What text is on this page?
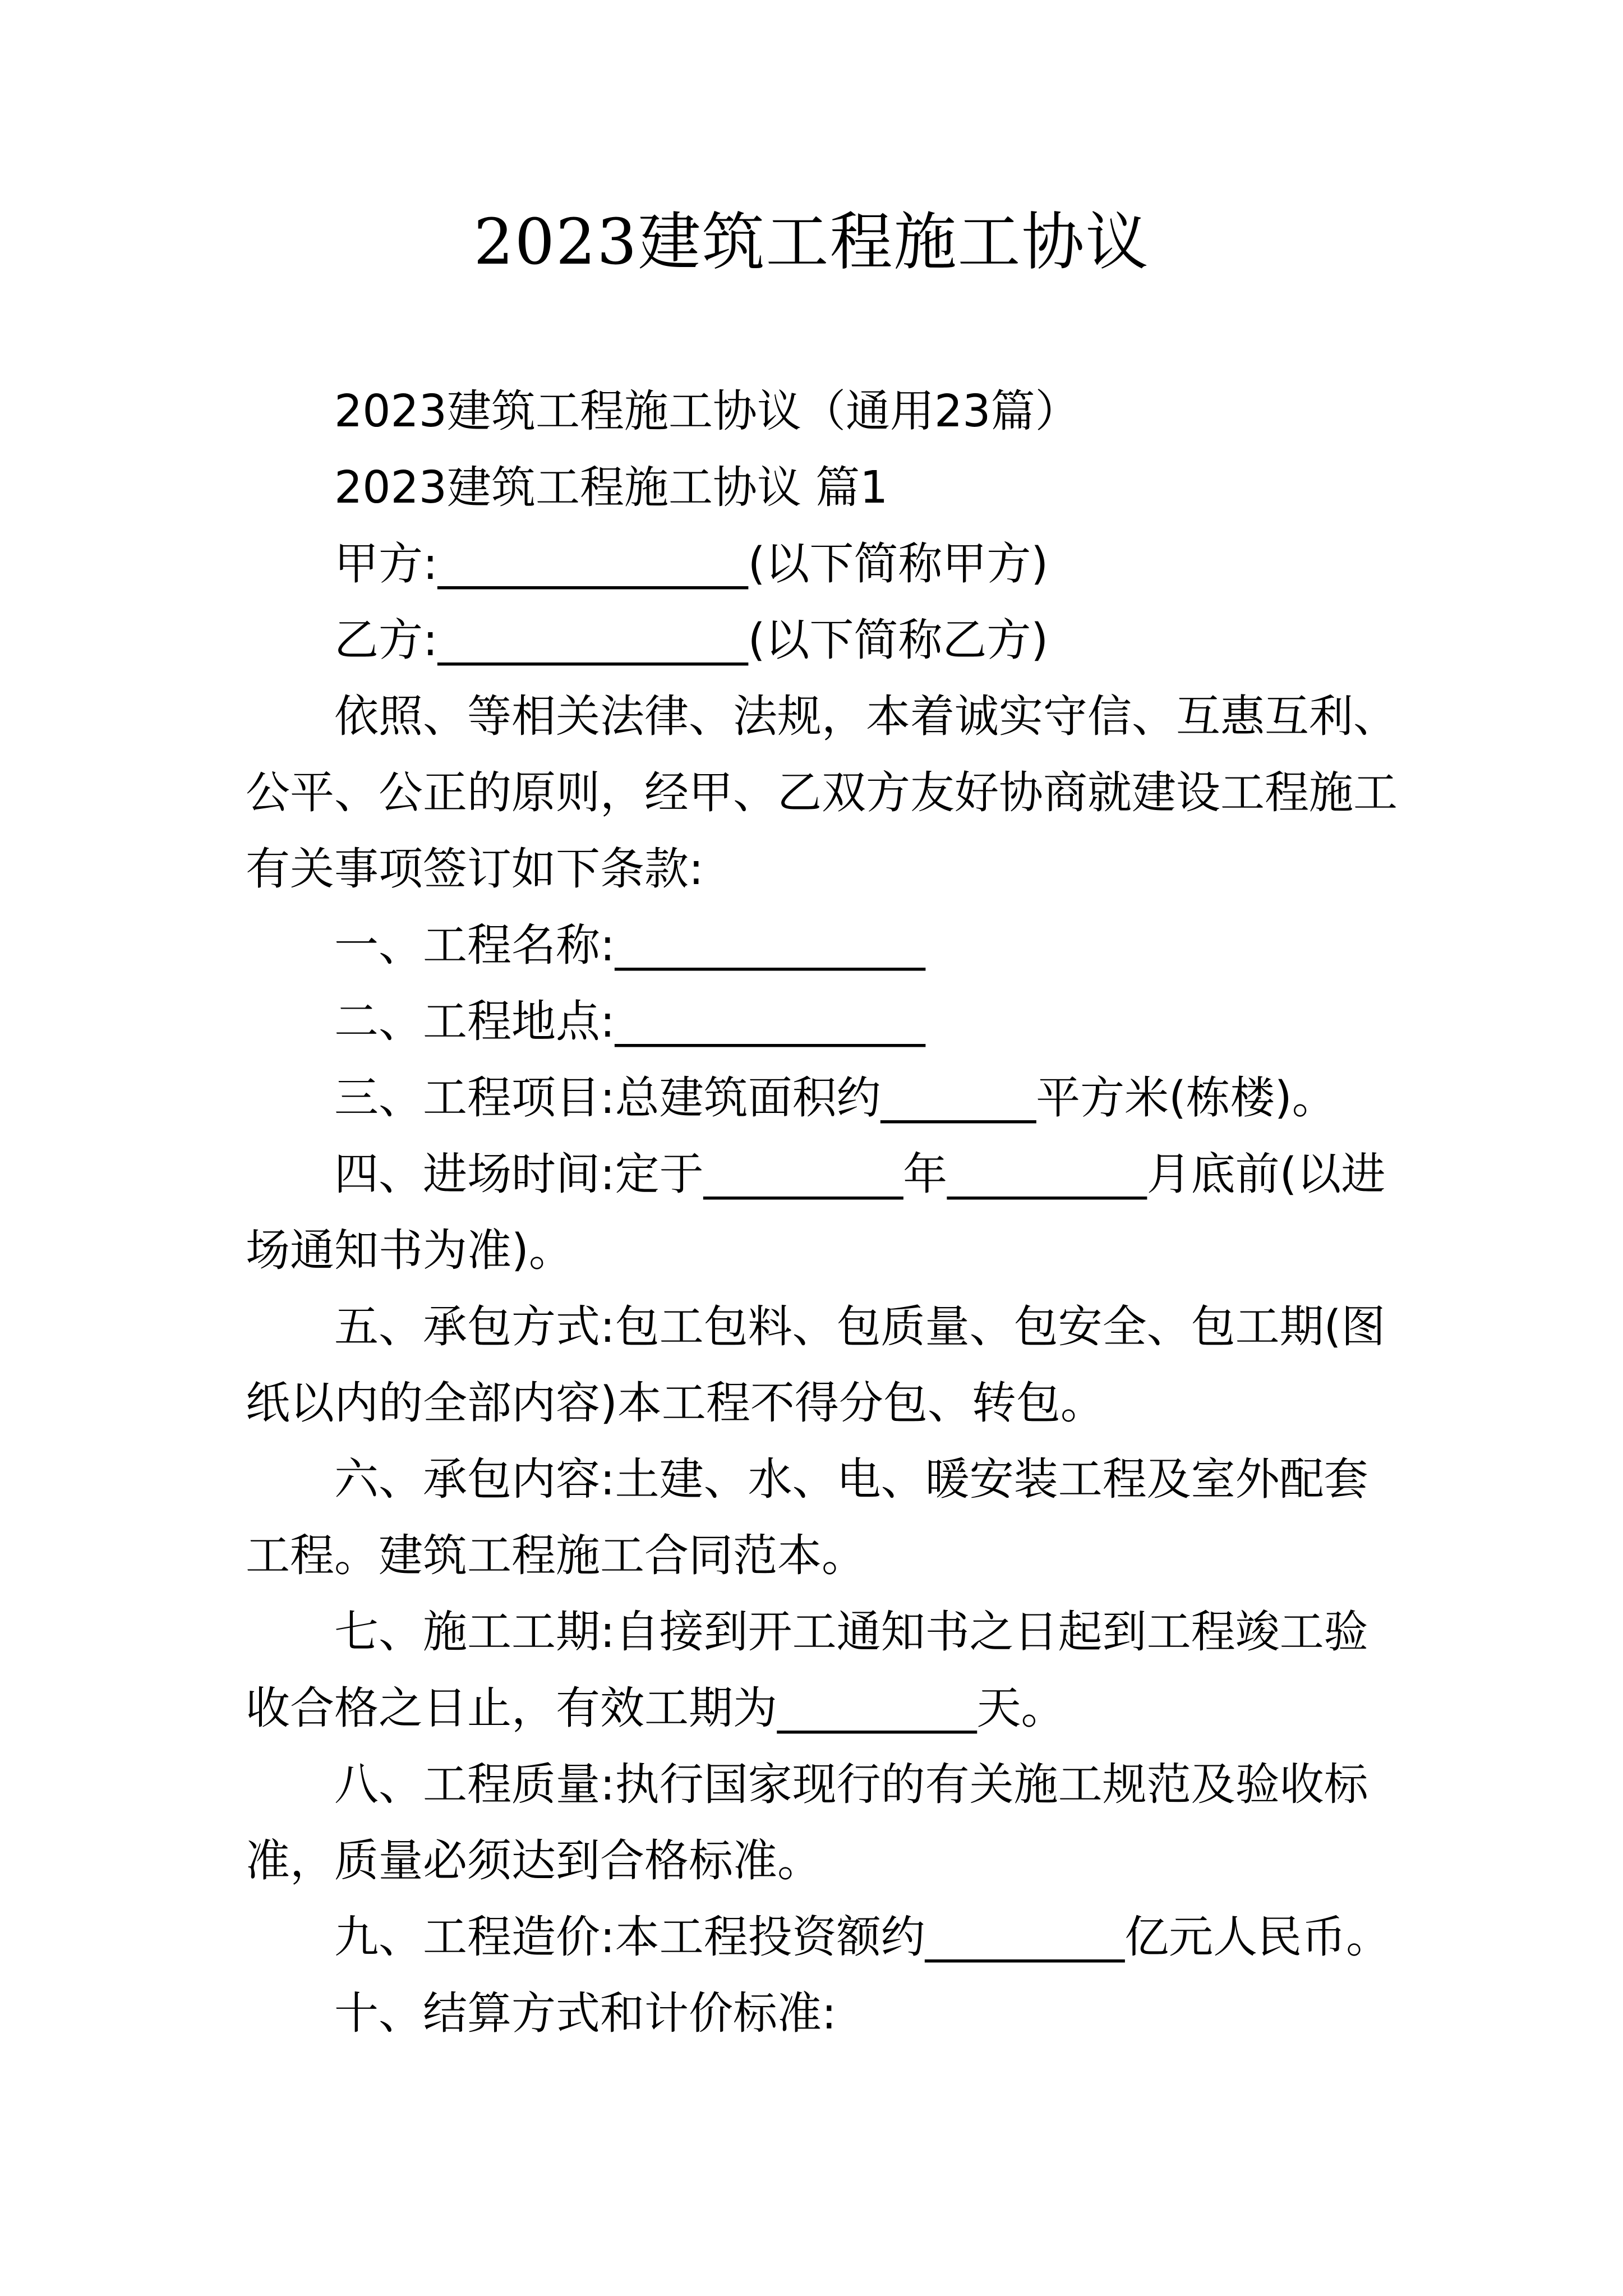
2023建筑工程施工协议

2023建筑工程施工协议（通用23篇）

2023建筑工程施工协议 篇1

甲方:______________(以下简称甲方)

乙方:______________(以下简称乙方)

依照、等相关法律、法规，本着诚实守信、互惠互利、

公平、公正的原则，经甲、乙双方友好协商就建设工程施工

有关事项签订如下条款:

一、工程名称:______________

二、工程地点:______________

三、工程项目:总建筑面积约_______平方米(栋楼)。

四、进场时间:定于_________年_________月底前(以进

场通知书为准)。

五、承包方式:包工包料、包质量、包安全、包工期(图

纸以内的全部内容)本工程不得分包、转包。

六、承包内容:土建、水、电、暖安装工程及室外配套

工程。建筑工程施工合同范本。

七、施工工期:自接到开工通知书之日起到工程竣工验

收合格之日止，有效工期为_________天。

八、工程质量:执行国家现行的有关施工规范及验收标

准，质量必须达到合格标准。

九、工程造价:本工程投资额约_________亿元人民币。

十、结算方式和计价标准:
